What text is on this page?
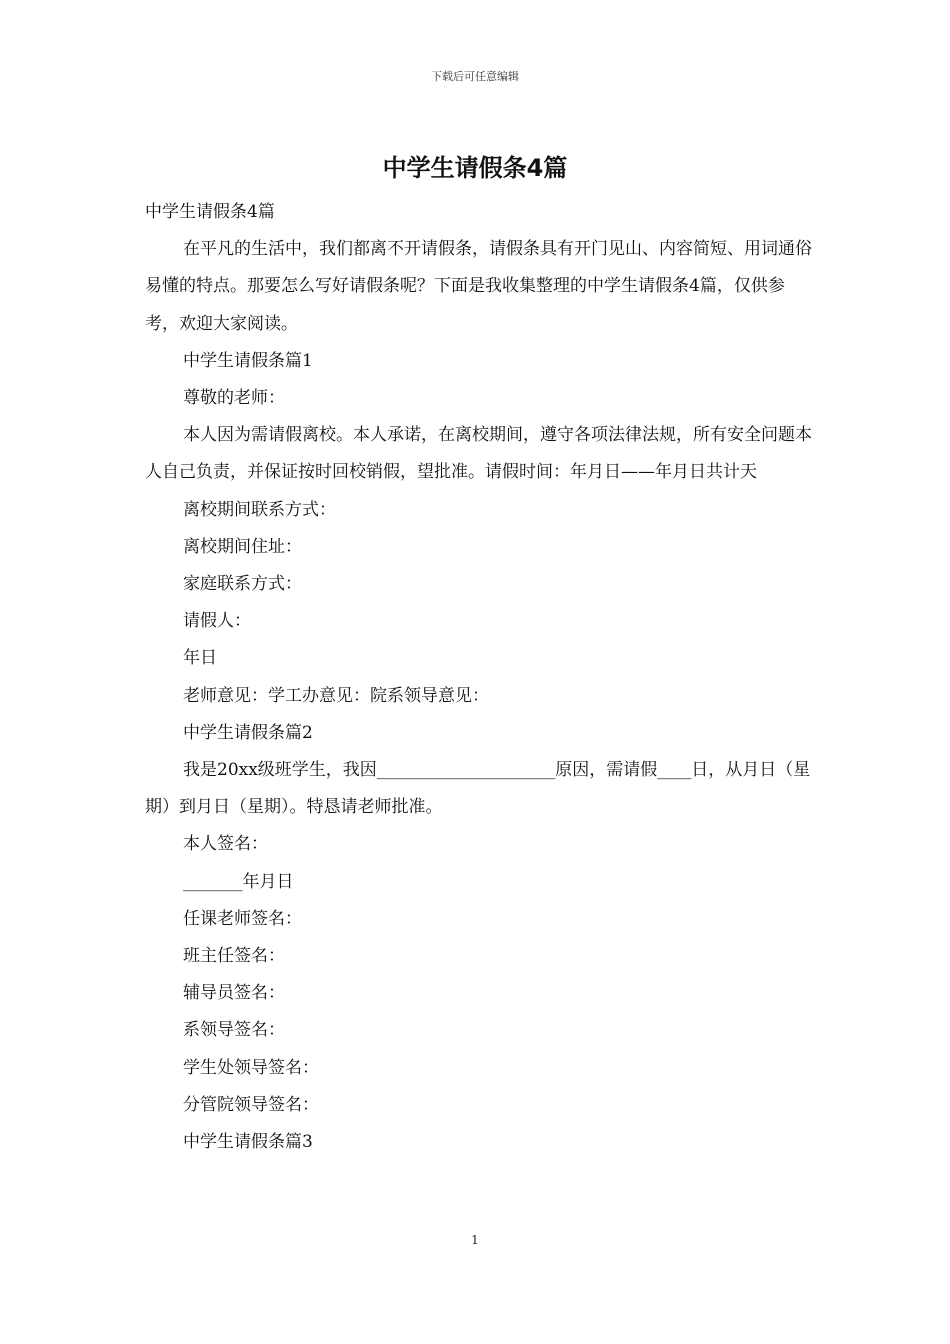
下载后可任意编辑
中学生请假条4篇

中学生请假条4篇

在平凡的生活中，我们都离不开请假条，请假条具有开门见山、内容简短、用词通俗易懂的特点。那要怎么写好请假条呢？下面是我收集整理的中学生请假条4篇，仅供参考，欢迎大家阅读。

中学生请假条篇1

尊敬的老师：

本人因为需请假离校。本人承诺，在离校期间，遵守各项法律法规，所有安全问题本人自己负责，并保证按时回校销假，望批准。请假时间：年月日——年月日共计天

离校期间联系方式：

离校期间住址：

家庭联系方式：

请假人：

年日

老师意见：学工办意见：院系领导意见：

中学生请假条篇2

我是20xx级班学生，我因_____________________原因，需请假____日，从月日（星期）到月日（星期）。特恳请老师批准。

本人签名：

_______年月日

任课老师签名：

班主任签名：

辅导员签名：

系领导签名：

学生处领导签名：

分管院领导签名：

中学生请假条篇3

1
